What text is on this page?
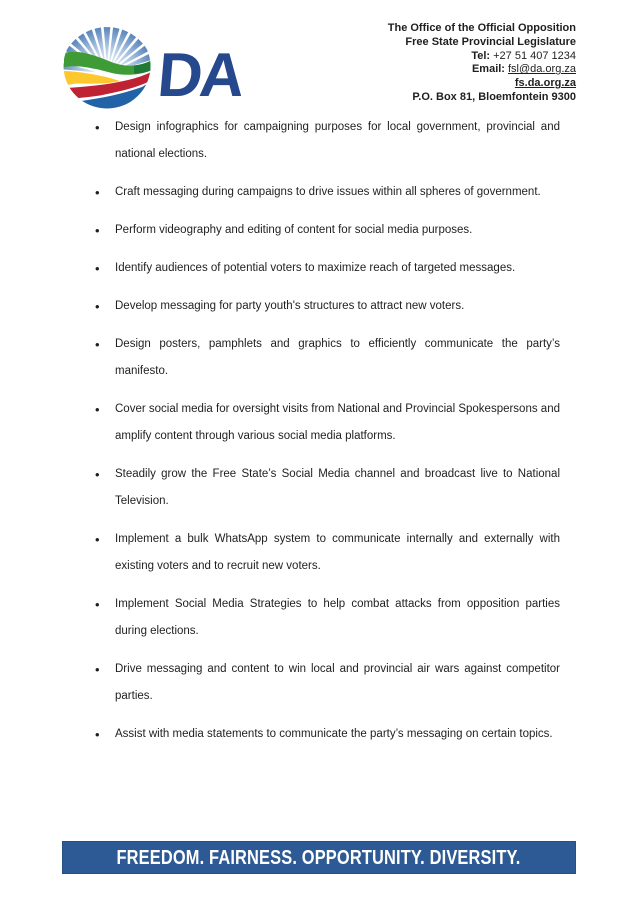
DA
The Office of the Official Opposition
Free State Provincial Legislature
Tel: +27 51 407 1234
Email: fsl@da.org.za
fs.da.org.za
P.O. Box 81, Bloemfontein 9300
• Design infographics for campaigning purposes for local government, provincial and national elections.
• Craft messaging during campaigns to drive issues within all spheres of government.
• Perform videography and editing of content for social media purposes.
• Identify audiences of potential voters to maximize reach of targeted messages.
• Develop messaging for party youth's structures to attract new voters.
• Design posters, pamphlets and graphics to efficiently communicate the party’s manifesto.
• Cover social media for oversight visits from National and Provincial Spokespersons and amplify content through various social media platforms.
• Steadily grow the Free State’s Social Media channel and broadcast live to National Television.
• Implement a bulk WhatsApp system to communicate internally and externally with existing voters and to recruit new voters.
• Implement Social Media Strategies to help combat attacks from opposition parties during elections.
• Drive messaging and content to win local and provincial air wars against competitor parties.
• Assist with media statements to communicate the party’s messaging on certain topics.
FREEDOM. FAIRNESS. OPPORTUNITY. DIVERSITY.
